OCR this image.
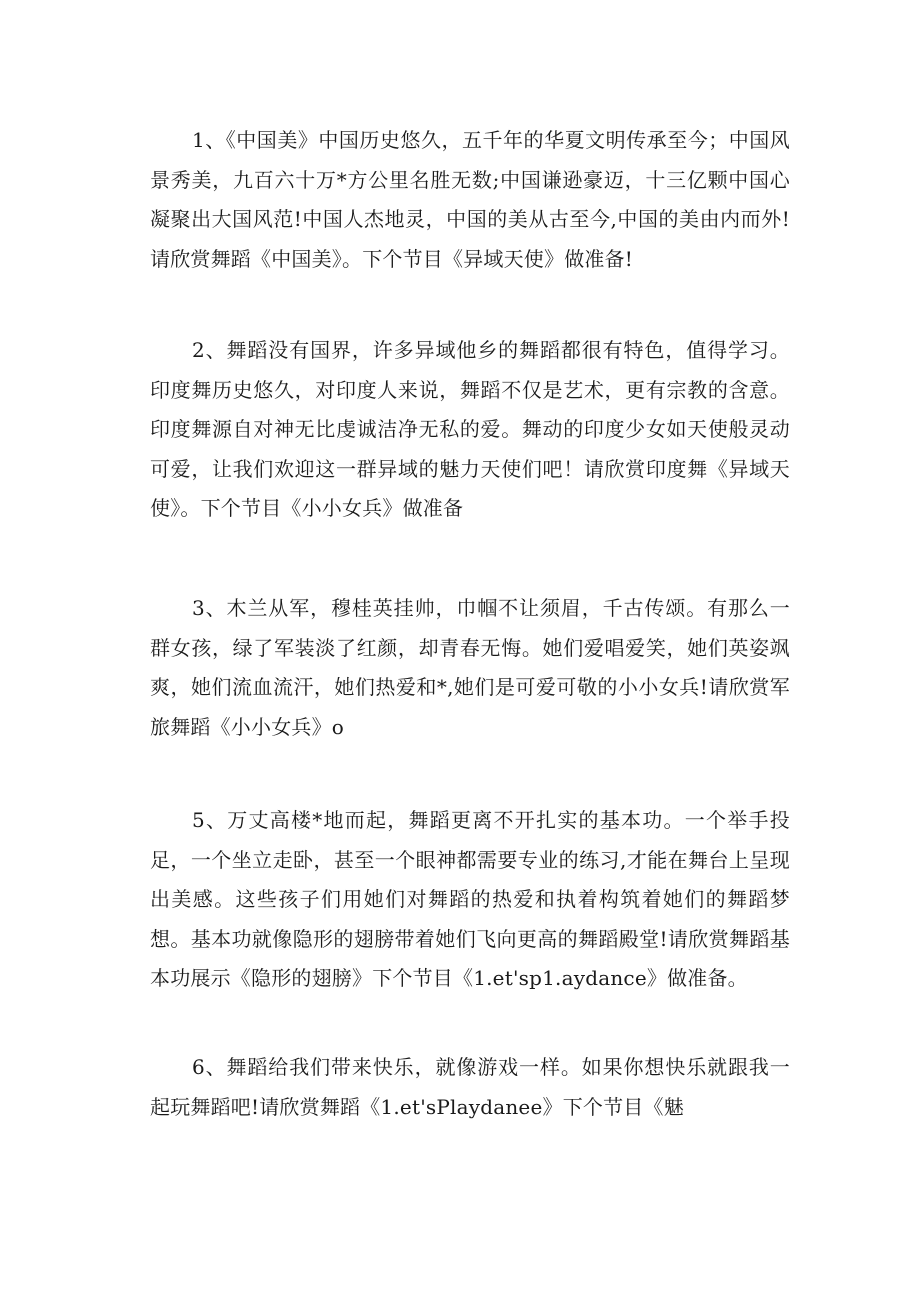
1、《中国美》中国历史悠久，五千年的华夏文明传承至今；中国风景秀美，九百六十万*方公里名胜无数;中国谦逊豪迈，十三亿颗中国心凝聚出大国风范!中国人杰地灵，中国的美从古至今,中国的美由内而外!请欣赏舞蹈《中国美》。下个节目《异域天使》做准备!

2、舞蹈没有国界，许多异域他乡的舞蹈都很有特色，值得学习。印度舞历史悠久，对印度人来说，舞蹈不仅是艺术，更有宗教的含意。印度舞源自对神无比虔诚洁净无私的爱。舞动的印度少女如天使般灵动可爱，让我们欢迎这一群异域的魅力天使们吧！请欣赏印度舞《异域天使》。下个节目《小小女兵》做准备

3、木兰从军，穆桂英挂帅，巾帼不让须眉，千古传颂。有那么一群女孩，绿了军装淡了红颜，却青春无悔。她们爱唱爱笑，她们英姿飒爽，她们流血流汗，她们热爱和*,她们是可爱可敬的小小女兵!请欣赏军旅舞蹈《小小女兵》o

5、万丈高楼*地而起，舞蹈更离不开扎实的基本功。一个举手投足，一个坐立走卧，甚至一个眼神都需要专业的练习,才能在舞台上呈现出美感。这些孩子们用她们对舞蹈的热爱和执着构筑着她们的舞蹈梦想。基本功就像隐形的翅膀带着她们飞向更高的舞蹈殿堂!请欣赏舞蹈基本功展示《隐形的翅膀》下个节目《1.et'sp1.aydance》做准备。

6、舞蹈给我们带来快乐，就像游戏一样。如果你想快乐就跟我一起玩舞蹈吧!请欣赏舞蹈《1.et'sPlaydanee》下个节目《魅
